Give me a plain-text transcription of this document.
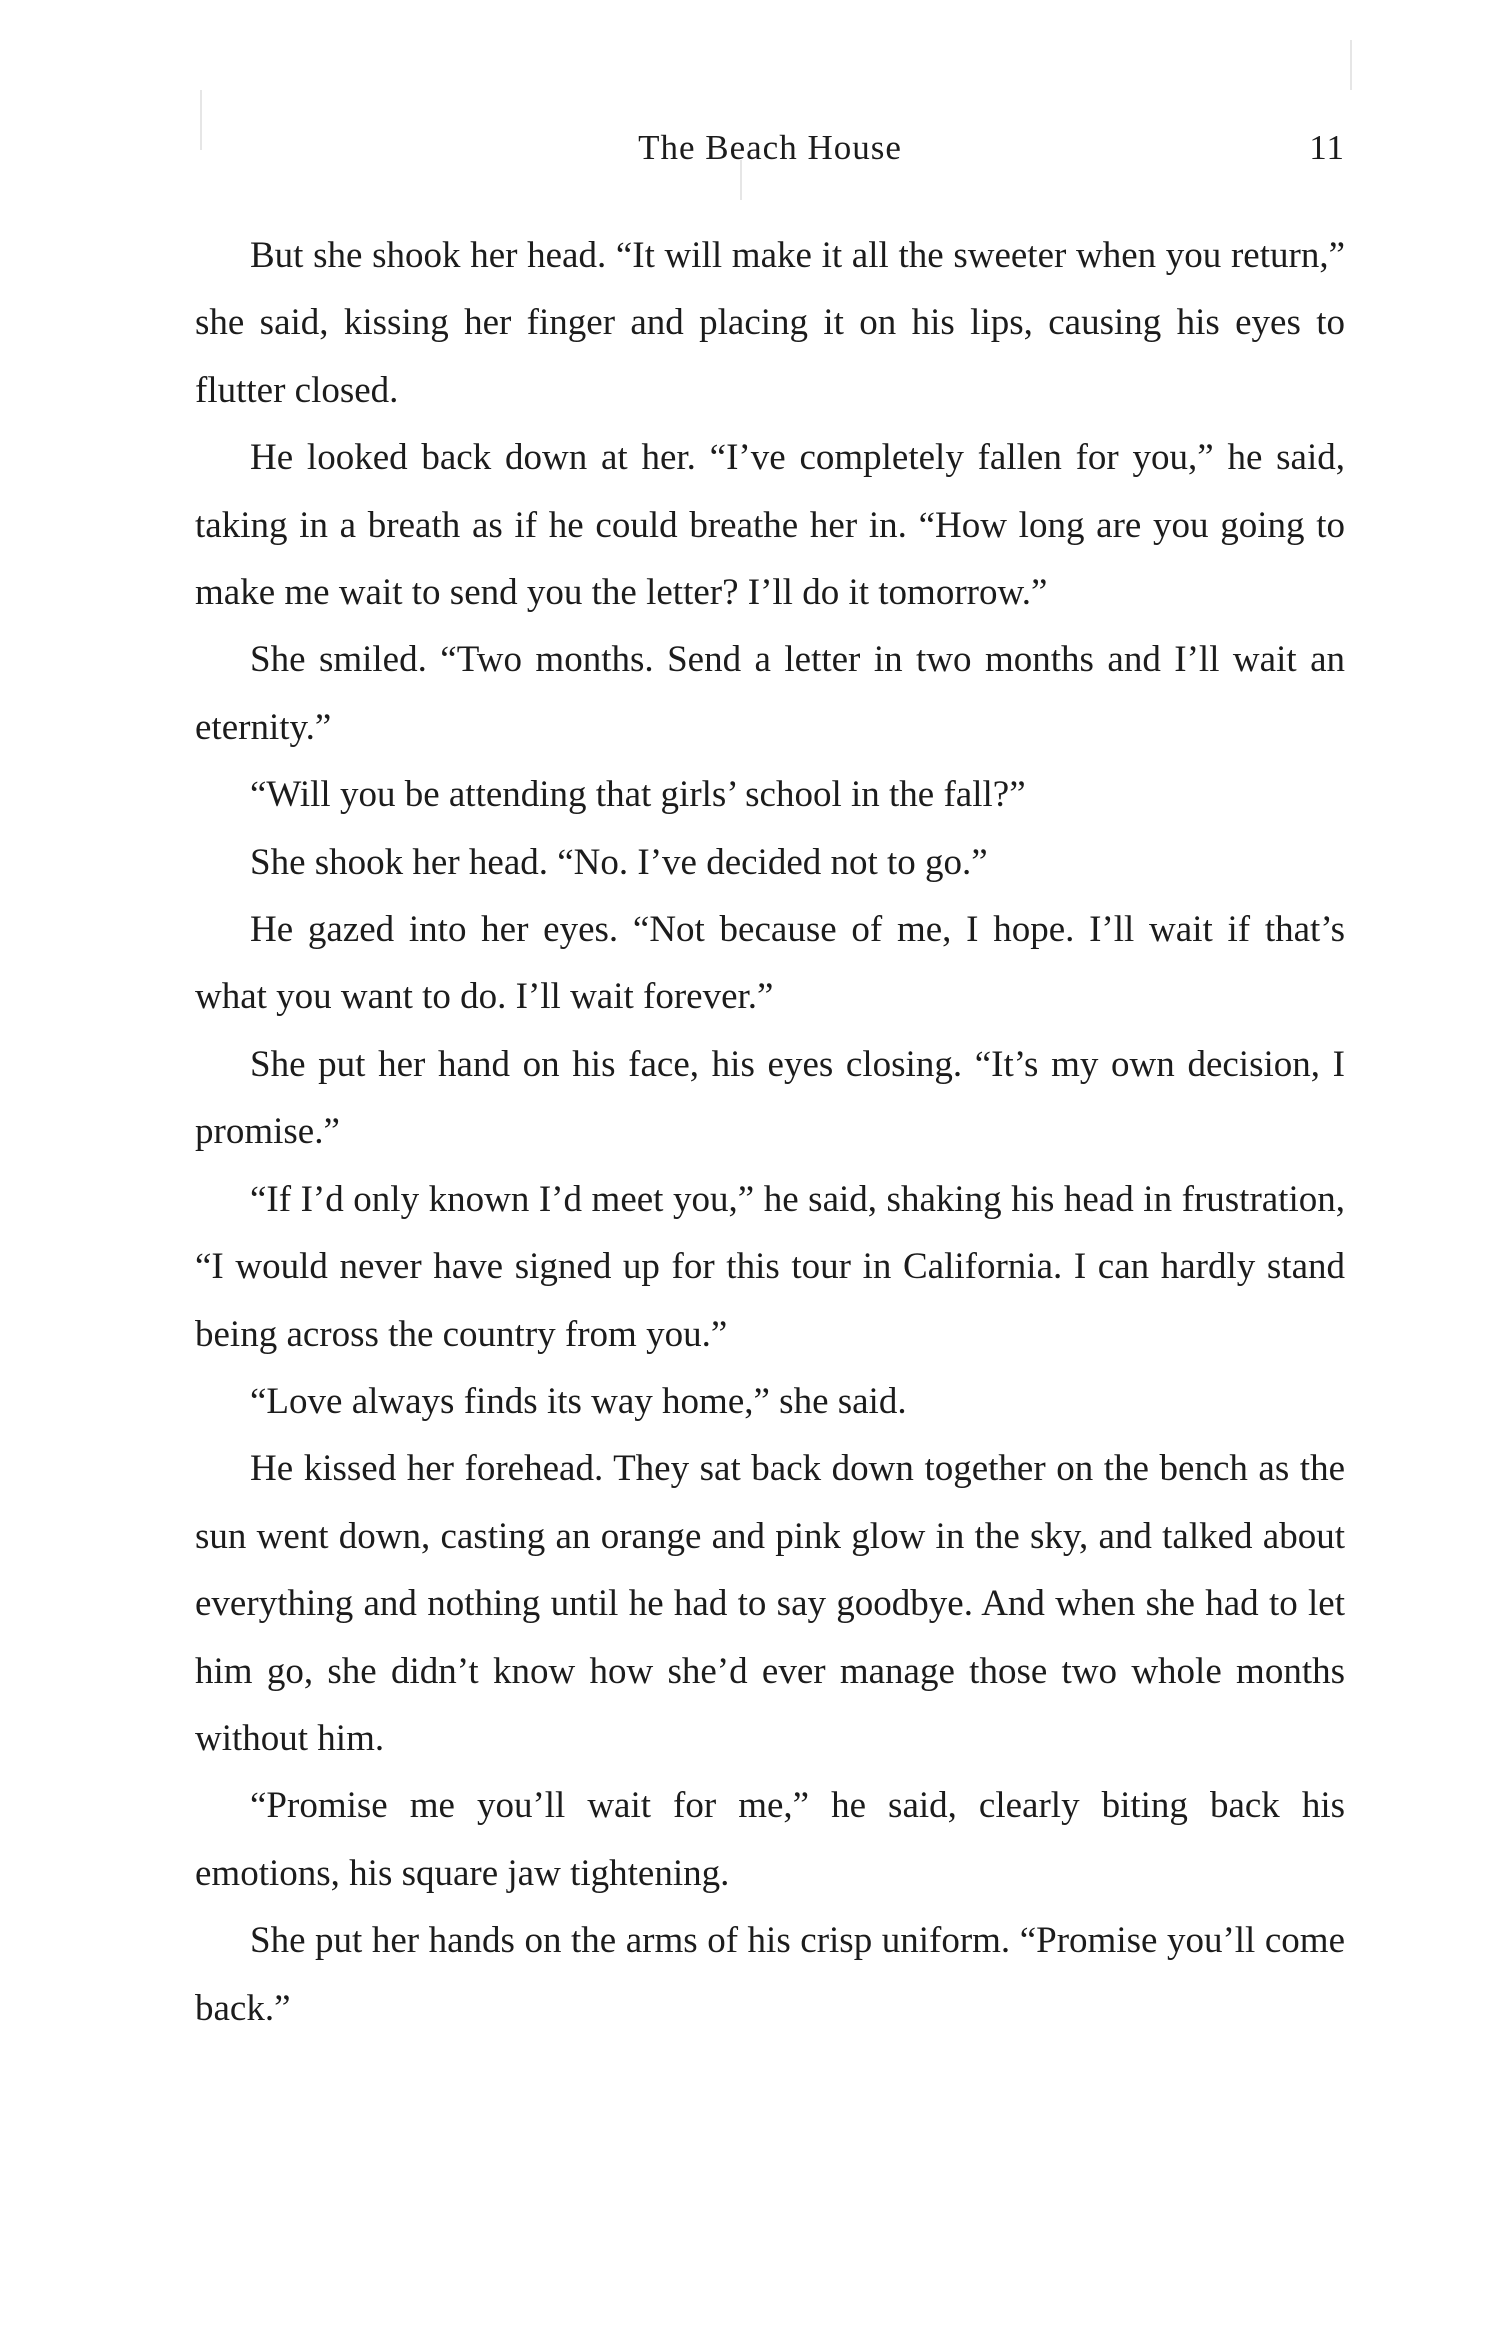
The Beach House	11

But she shook her head. “It will make it all the sweeter when you return,” she said, kissing her finger and placing it on his lips, causing his eyes to flutter closed.

He looked back down at her. “I’ve completely fallen for you,” he said, taking in a breath as if he could breathe her in. “How long are you going to make me wait to send you the letter? I’ll do it tomorrow.”

She smiled. “Two months. Send a letter in two months and I’ll wait an eternity.”

“Will you be attending that girls’ school in the fall?”

She shook her head. “No. I’ve decided not to go.”

He gazed into her eyes. “Not because of me, I hope. I’ll wait if that’s what you want to do. I’ll wait forever.”

She put her hand on his face, his eyes closing. “It’s my own decision, I promise.”

“If I’d only known I’d meet you,” he said, shaking his head in frustration, “I would never have signed up for this tour in California. I can hardly stand being across the country from you.”

“Love always finds its way home,” she said.

He kissed her forehead. They sat back down together on the bench as the sun went down, casting an orange and pink glow in the sky, and talked about everything and nothing until he had to say goodbye. And when she had to let him go, she didn’t know how she’d ever manage those two whole months without him.

“Promise me you’ll wait for me,” he said, clearly biting back his emotions, his square jaw tightening.

She put her hands on the arms of his crisp uniform. “Promise you’ll come back.”
